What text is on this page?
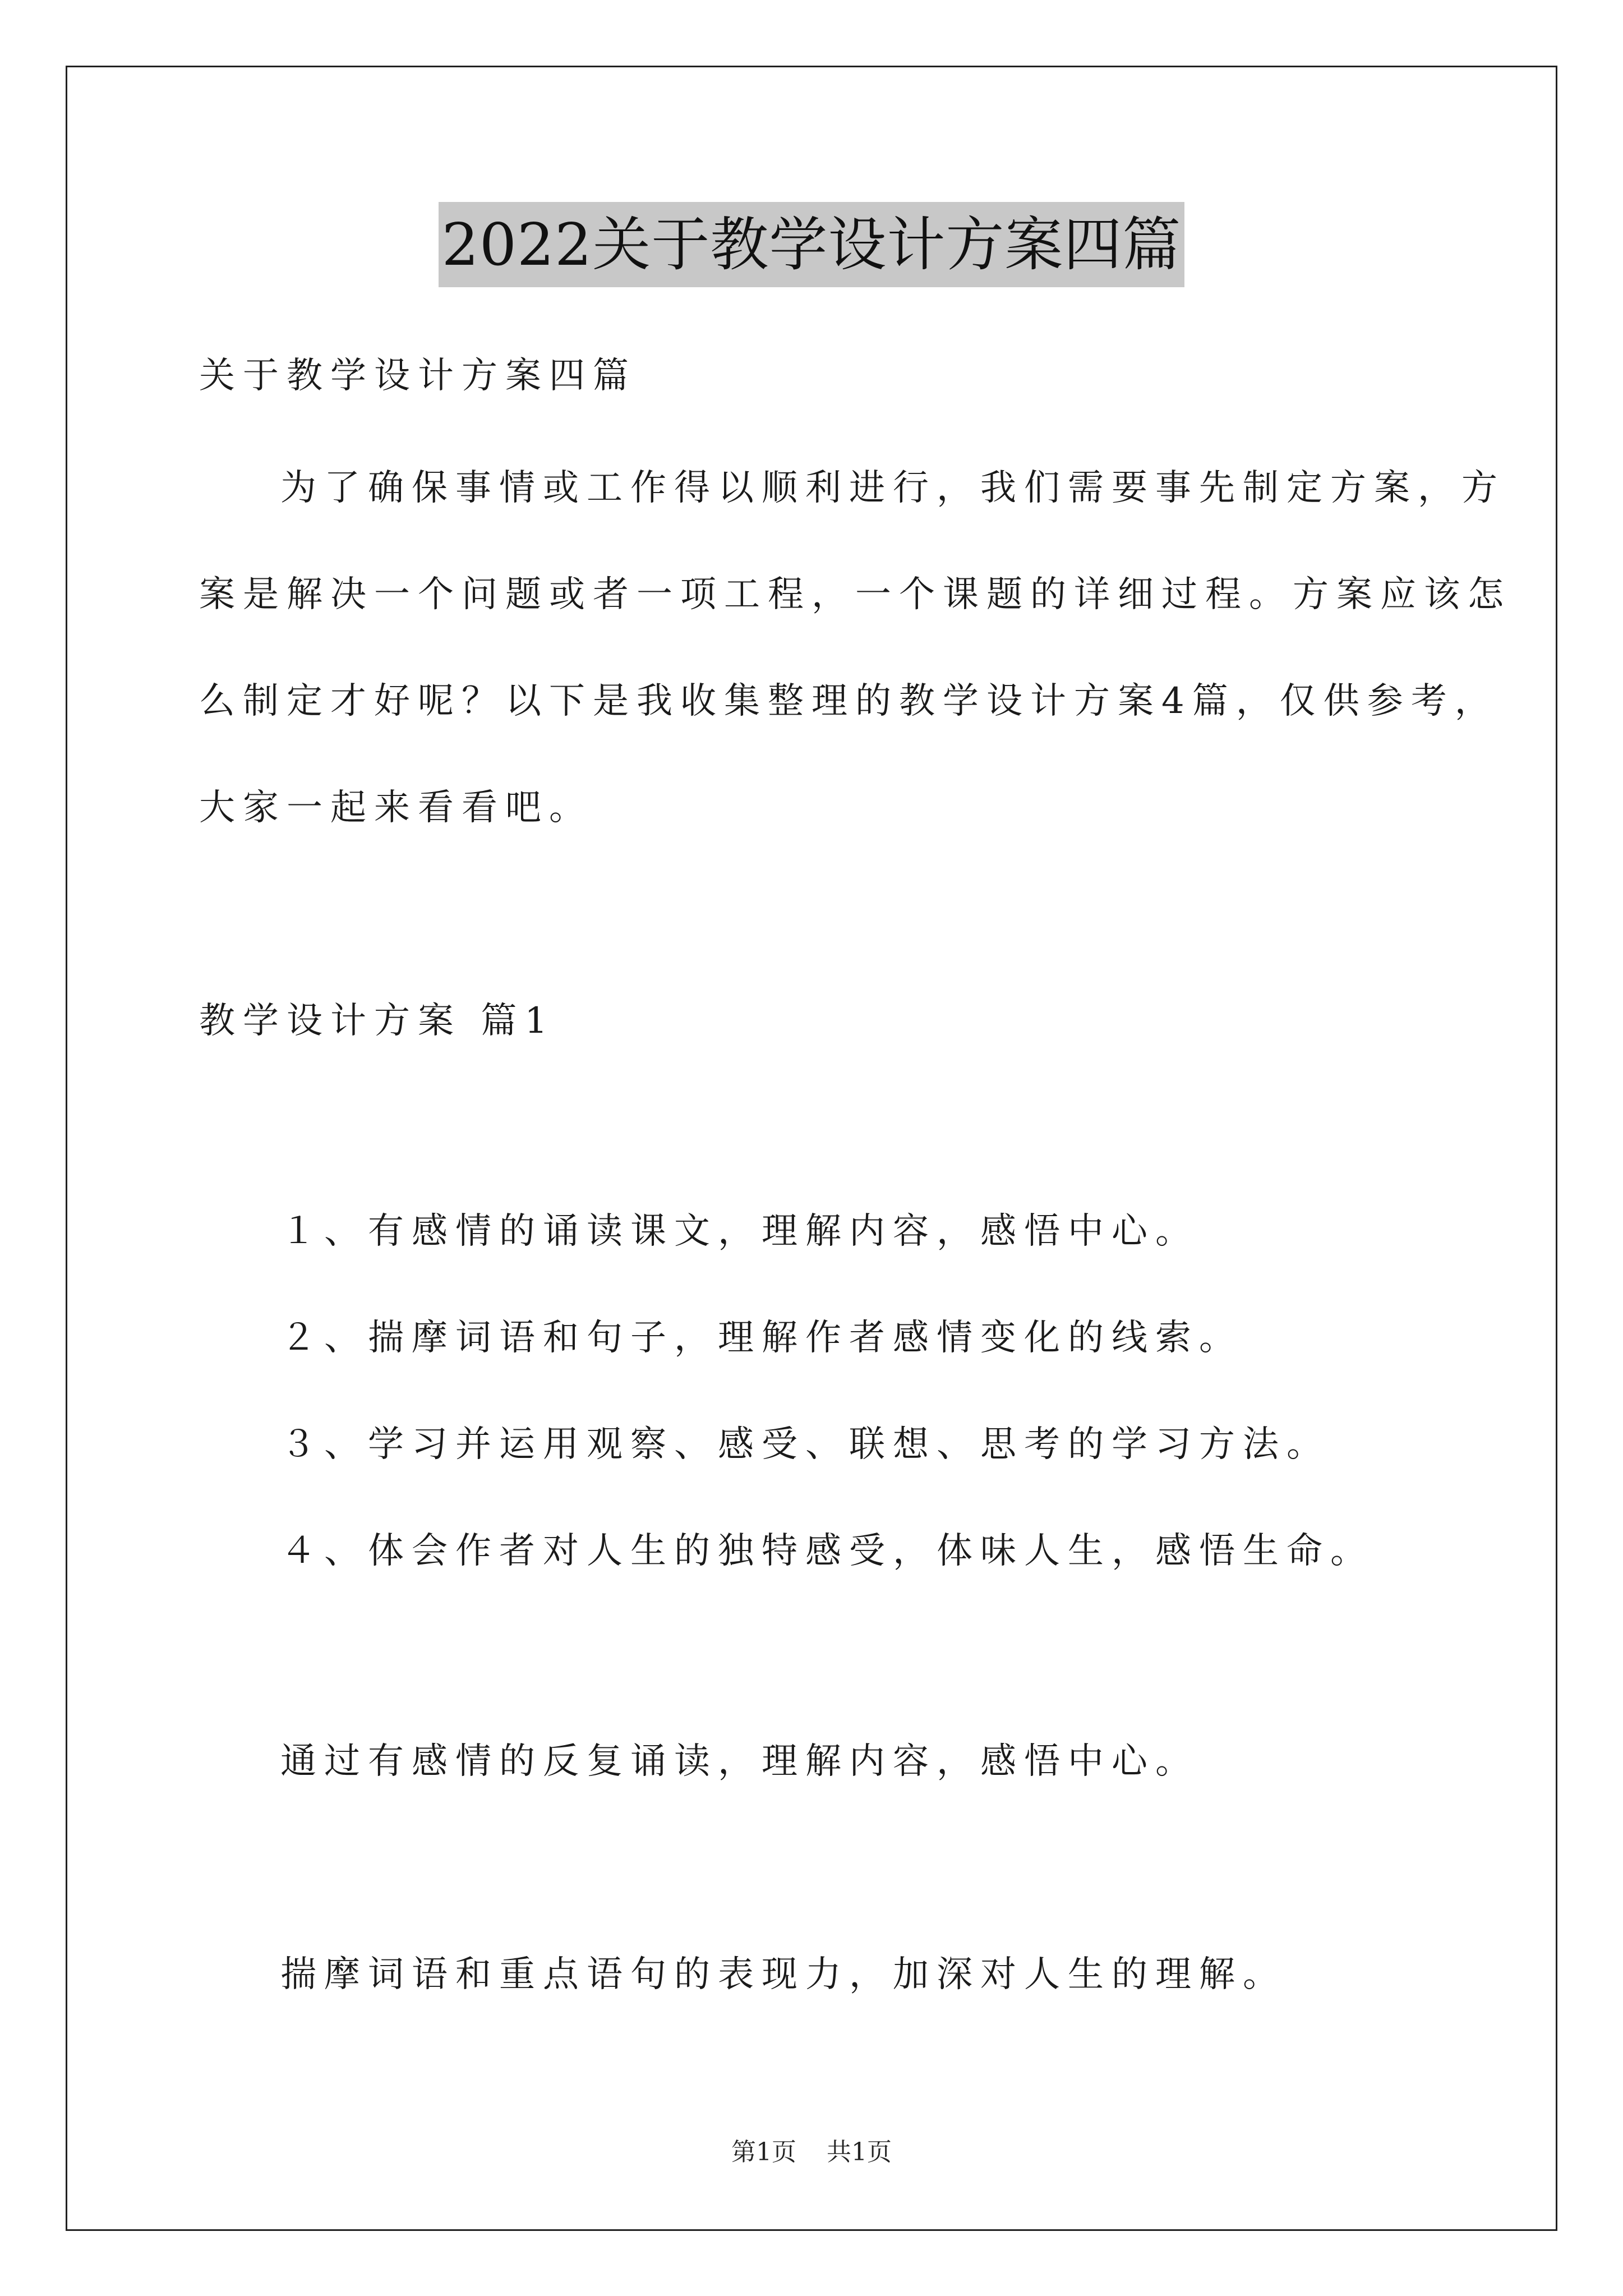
2022关于教学设计方案四篇
关于教学设计方案四篇
为了确保事情或工作得以顺利进行，我们需要事先制定方案，方
案是解决一个问题或者一项工程，一个课题的详细过程。方案应该怎
么制定才好呢？以下是我收集整理的教学设计方案4篇，仅供参考，
大家一起来看看吧。
教学设计方案 篇1
１、有感情的诵读课文，理解内容，感悟中心。
２、揣摩词语和句子，理解作者感情变化的线索。
３、学习并运用观察、感受、联想、思考的学习方法。
４、体会作者对人生的独特感受，体味人生，感悟生命。
通过有感情的反复诵读，理解内容，感悟中心。
揣摩词语和重点语句的表现力，加深对人生的理解。
第1页 共1页
